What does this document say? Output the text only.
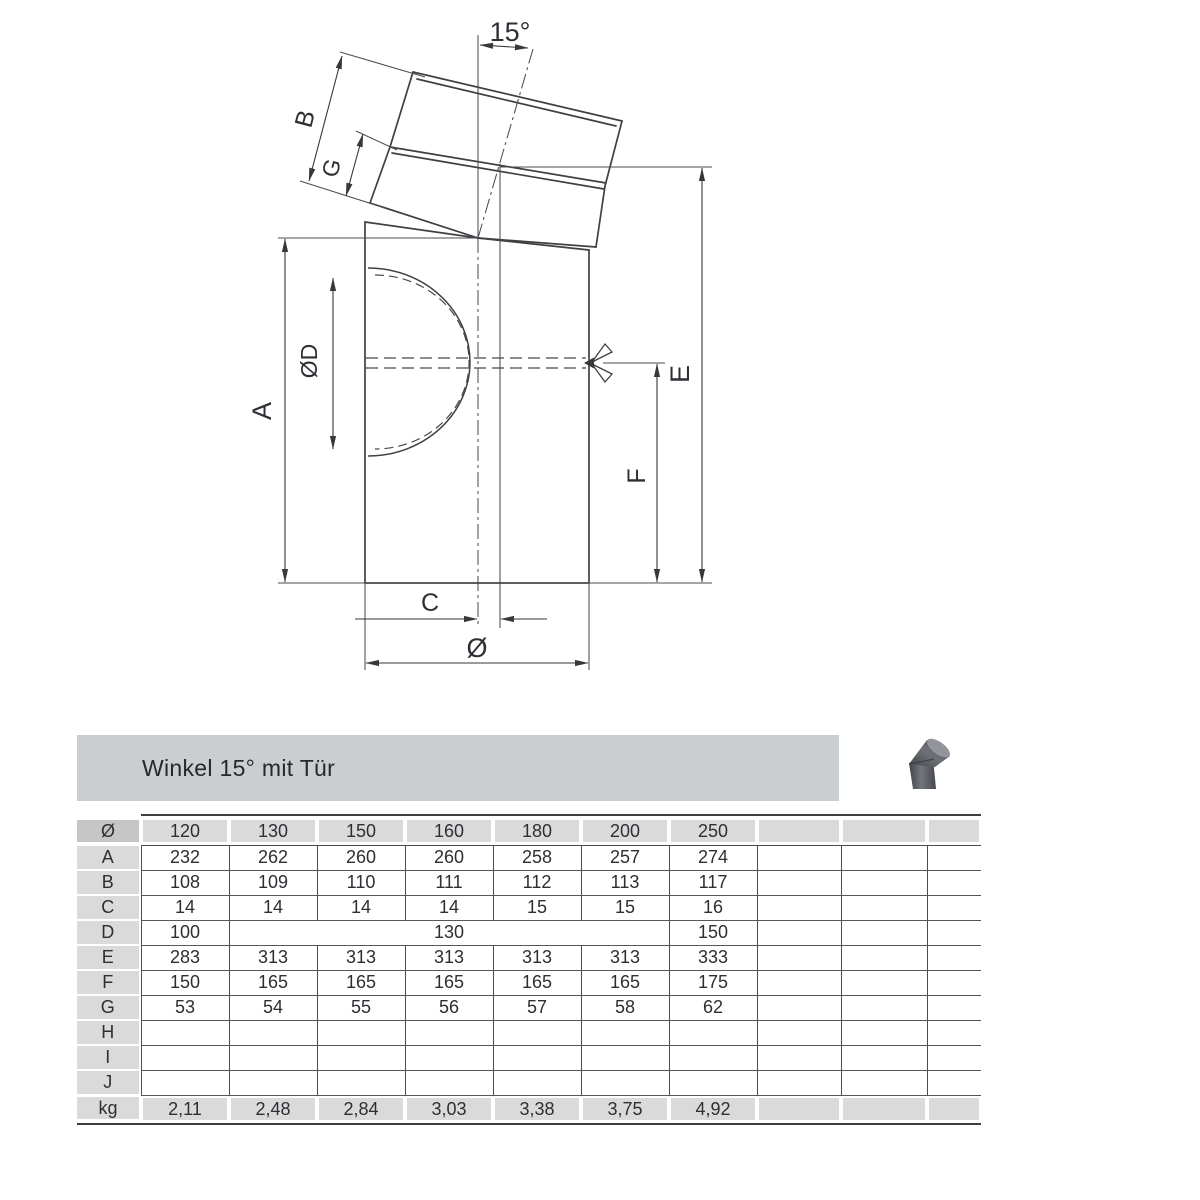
15°
A
B
G
ØD	E
F
C
Ø
Winkel 15° mit Tür
Ø	120	130	150	160	180	200	250			

A	232	262	260	260	258	257	274			

B	108	109	110	111	112	113	117			

C	14	14	14	14	15	15	16			

D	100	130					150			

E	283	313	313	313	313	313	333			

F	150	165	165	165	165	165	175			

G	53	54	55	56	57	58	62			

H										

I										

J										

kg	2,11	2,48	2,84	3,03	3,38	3,75	4,92			
